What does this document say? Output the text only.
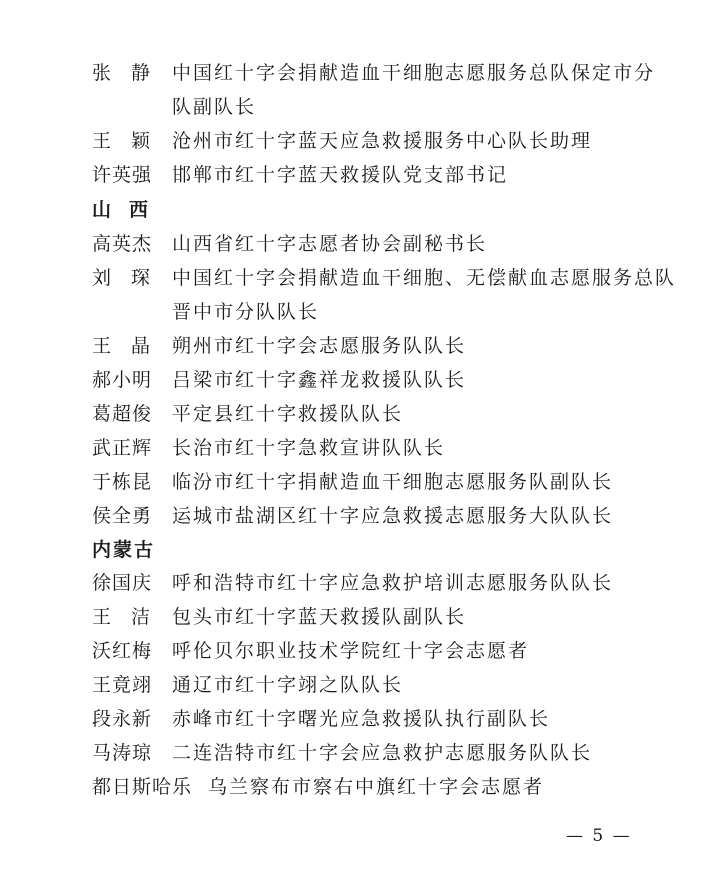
张静 中国红十字会捐献造血干细胞志愿服务总队保定市分
队副队长
王颖 沧州市红十字蓝天应急救援服务中心队长助理
许英强 邯郸市红十字蓝天救援队党支部书记
山西
高英杰 山西省红十字志愿者协会副秘书长
刘琛 中国红十字会捐献造血干细胞、无偿献血志愿服务总队
晋中市分队队长
王晶 朔州市红十字会志愿服务队队长
郝小明 吕梁市红十字鑫祥龙救援队队长
葛超俊 平定县红十字救援队队长
武正辉 长治市红十字急救宣讲队队长
于栋昆 临汾市红十字捐献造血干细胞志愿服务队副队长
侯全勇 运城市盐湖区红十字应急救援志愿服务大队队长
内蒙古
徐国庆 呼和浩特市红十字应急救护培训志愿服务队队长
王洁 包头市红十字蓝天救援队副队长
沃红梅 呼伦贝尔职业技术学院红十字会志愿者
王竟翊 通辽市红十字翊之队队长
段永新 赤峰市红十字曙光应急救援队执行副队长
马涛琼 二连浩特市红十字会应急救护志愿服务队队长
都日斯哈乐 乌兰察布市察右中旗红十字会志愿者
— 5 —
